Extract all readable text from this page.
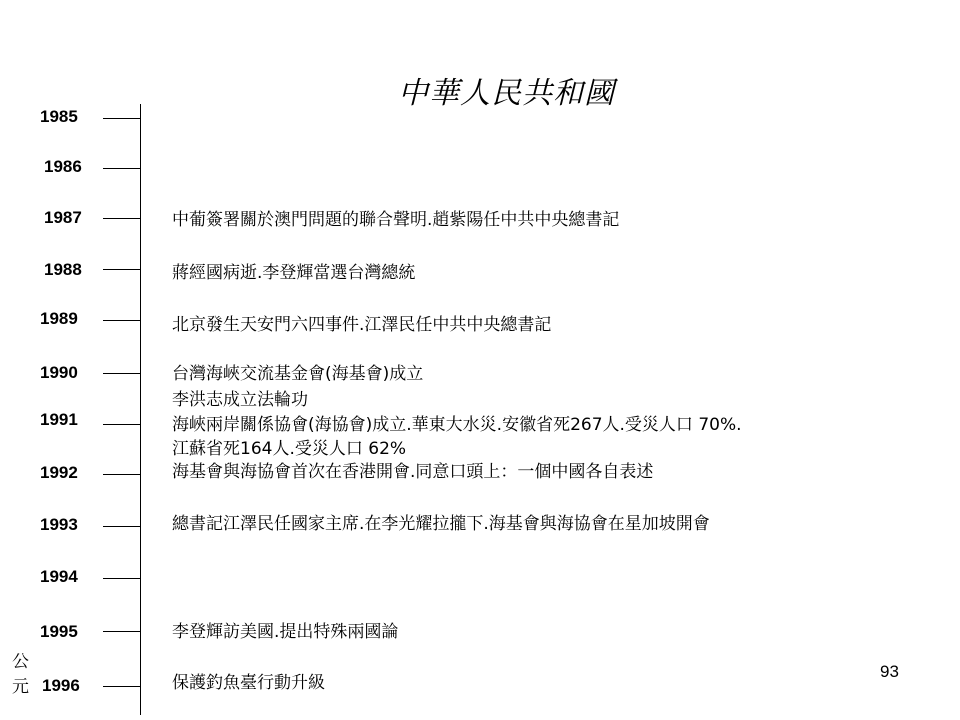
中華人民共和國
1985
1986
1987
1988
1989
1990
1991
1992
1993
1994
1995
1996
中葡簽署關於澳門問題的聯合聲明.趙紫陽任中共中央總書記
蔣經國病逝.李登輝當選台灣總統
北京發生天安門六四事件.江澤民任中共中央總書記
台灣海峽交流基金會(海基會)成立
李洪志成立法輪功
海峽兩岸關係協會(海協會)成立.華東大水災.安徽省死267人.受災人口 70%.
江蘇省死164人.受災人口 62%
海基會與海協會首次在香港開會.同意口頭上：一個中國各自表述
總書記江澤民任國家主席.在李光耀拉攏下.海基會與海協會在星加坡開會
李登輝訪美國.提出特殊兩國論
保護釣魚臺行動升級
公
元
93
